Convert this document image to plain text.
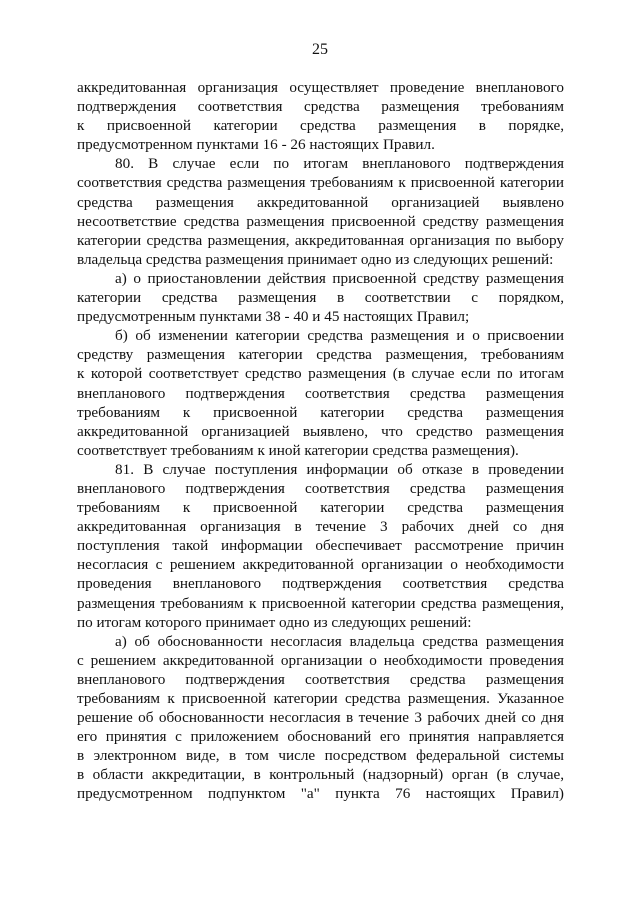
25

аккредитованная организация осуществляет проведение внепланового

подтверждения соответствия средства размещения требованиям

к присвоенной категории средства размещения в порядке,

предусмотренном пунктами 16 - 26 настоящих Правил.

80. В случае если по итогам внепланового подтверждения

соответствия средства размещения требованиям к присвоенной категории

средства размещения аккредитованной организацией выявлено

несоответствие средства размещения присвоенной средству размещения

категории средства размещения, аккредитованная организация по выбору

владельца средства размещения принимает одно из следующих решений:

а) о приостановлении действия присвоенной средству размещения

категории средства размещения в соответствии с порядком,

предусмотренным пунктами 38 - 40 и 45 настоящих Правил;

б) об изменении категории средства размещения и о присвоении

средству размещения категории средства размещения, требованиям

к которой соответствует средство размещения (в случае если по итогам

внепланового подтверждения соответствия средства размещения

требованиям к присвоенной категории средства размещения

аккредитованной организацией выявлено, что средство размещения

соответствует требованиям к иной категории средства размещения).

81. В случае поступления информации об отказе в проведении

внепланового подтверждения соответствия средства размещения

требованиям к присвоенной категории средства размещения

аккредитованная организация в течение 3 рабочих дней со дня

поступления такой информации обеспечивает рассмотрение причин

несогласия с решением аккредитованной организации о необходимости

проведения внепланового подтверждения соответствия средства

размещения требованиям к присвоенной категории средства размещения,

по итогам которого принимает одно из следующих решений:

а) об обоснованности несогласия владельца средства размещения

с решением аккредитованной организации о необходимости проведения

внепланового подтверждения соответствия средства размещения

требованиям к присвоенной категории средства размещения. Указанное

решение об обоснованности несогласия в течение 3 рабочих дней со дня

его принятия с приложением обоснований его принятия направляется

в электронном виде, в том числе посредством федеральной системы

в области аккредитации, в контрольный (надзорный) орган (в случае,

предусмотренном подпунктом "а" пункта 76 настоящих Правил)
